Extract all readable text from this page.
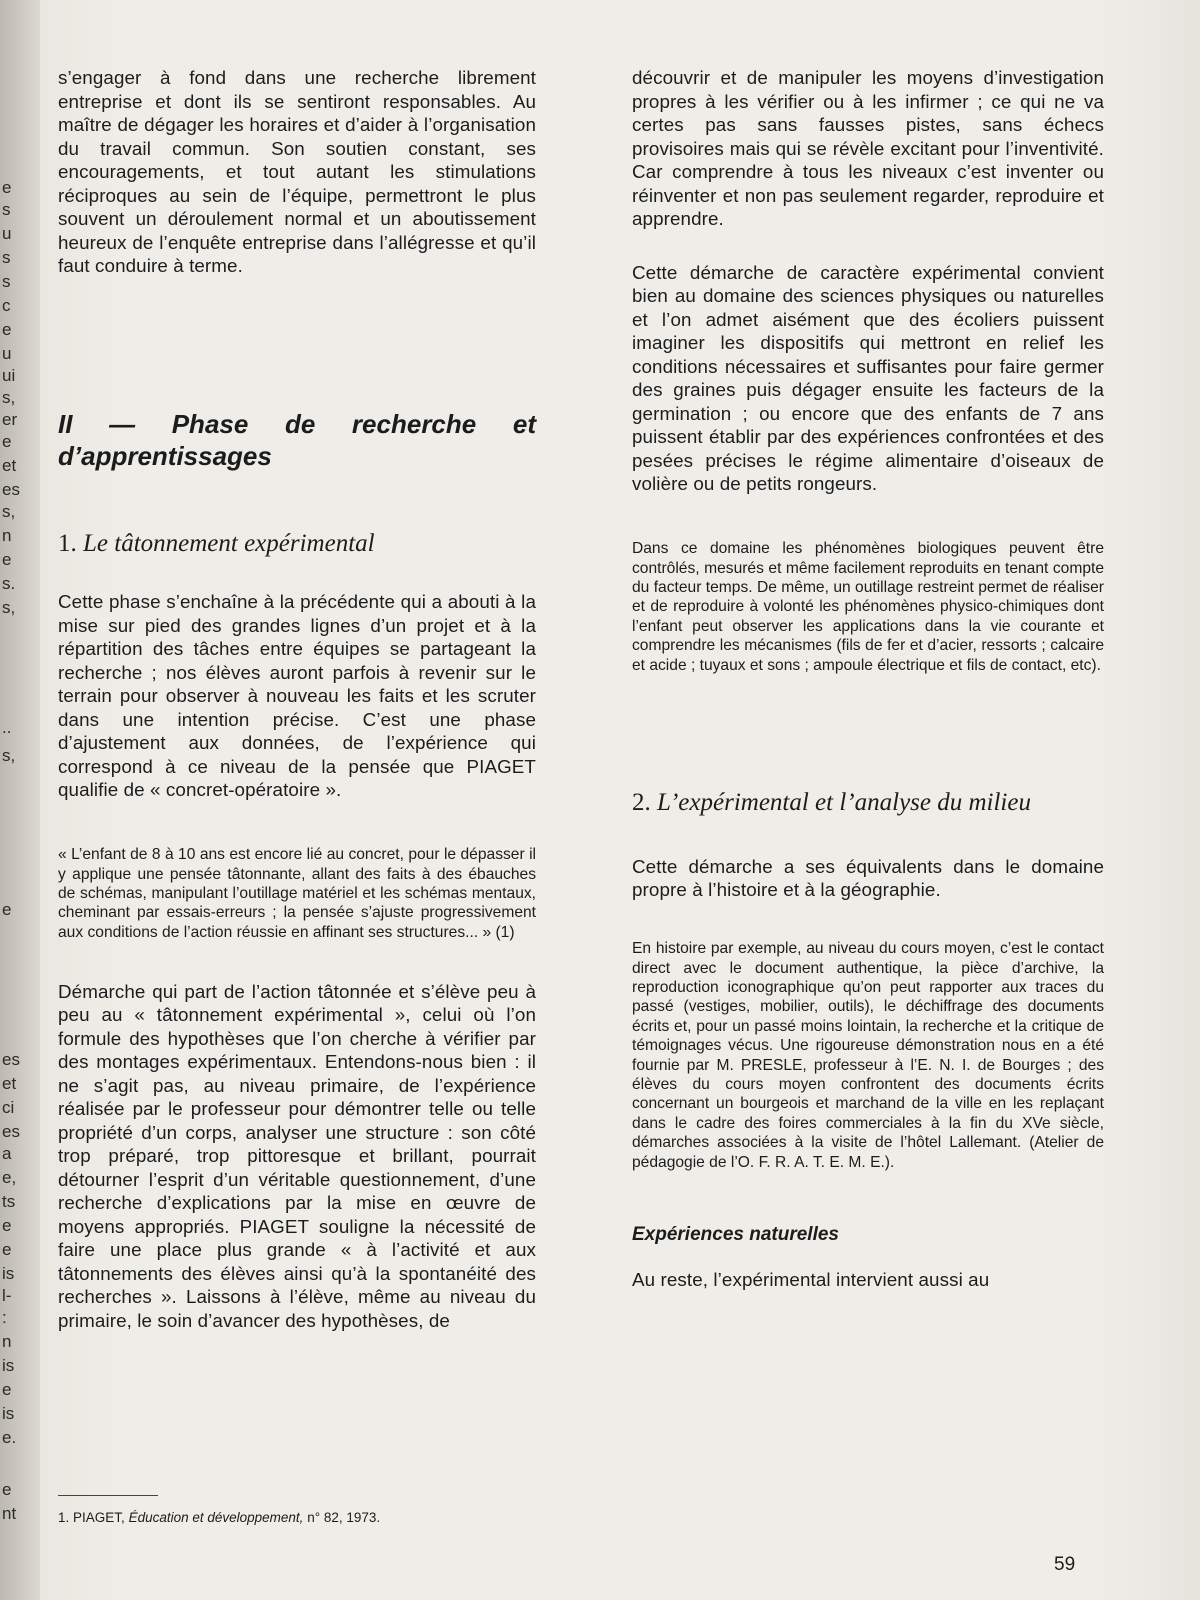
e
s
u
s
s
c
e
u
ui
s,
er
e
et
es
s,
n
e
s.
s,
..
s,
e
es
et
ci
es
a
e,
ts
e
e
is
l-
:
n
is
e
is
e.
e
nt

s’engager à fond dans une recherche librement entreprise et dont ils se sentiront responsables. Au maître de dégager les horaires et d’aider à l’organisation du travail commun. Son soutien constant, ses encouragements, et tout autant les stimulations réciproques au sein de l’équipe, permettront le plus souvent un déroulement normal et un aboutissement heureux de l’enquête entreprise dans l’allégresse et qu’il faut conduire à terme.

II — Phase de recherche et d’apprentissages

1. Le tâtonnement expérimental

Cette phase s’enchaîne à la précédente qui a abouti à la mise sur pied des grandes lignes d’un projet et à la répartition des tâches entre équipes se partageant la recherche ; nos élèves auront parfois à revenir sur le terrain pour observer à nouveau les faits et les scruter dans une intention précise. C’est une phase d’ajustement aux données, de l’expérience qui correspond à ce niveau de la pensée que PIAGET qualifie de « concret-opératoire ».

« L’enfant de 8 à 10 ans est encore lié au concret, pour le dépasser il y applique une pensée tâtonnante, allant des faits à des ébauches de schémas, manipulant l’outillage matériel et les schémas mentaux, cheminant par essais-erreurs ; la pensée s’ajuste progressivement aux conditions de l’action réussie en affinant ses structures... » (1)

Démarche qui part de l’action tâtonnée et s’élève peu à peu au « tâtonnement expérimental », celui où l’on formule des hypothèses que l’on cherche à vérifier par des montages expérimentaux. Entendons-nous bien : il ne s’agit pas, au niveau primaire, de l’expérience réalisée par le professeur pour démontrer telle ou telle propriété d’un corps, analyser une structure : son côté trop préparé, trop pittoresque et brillant, pourrait détourner l’esprit d’un véritable questionnement, d’une recherche d’explications par la mise en œuvre de moyens appropriés. PIAGET souligne la nécessité de faire une place plus grande « à l’activité et aux tâtonnements des élèves ainsi qu’à la spontanéité des recherches ». Laissons à l’élève, même au niveau du primaire, le soin d’avancer des hypothèses, de

découvrir et de manipuler les moyens d’investigation propres à les vérifier ou à les infirmer ; ce qui ne va certes pas sans fausses pistes, sans échecs provisoires mais qui se révèle excitant pour l’inventivité. Car comprendre à tous les niveaux c’est inventer ou réinventer et non pas seulement regarder, reproduire et apprendre.

Cette démarche de caractère expérimental convient bien au domaine des sciences physiques ou naturelles et l’on admet aisément que des écoliers puissent imaginer les dispositifs qui mettront en relief les conditions nécessaires et suffisantes pour faire germer des graines puis dégager ensuite les facteurs de la germination ; ou encore que des enfants de 7 ans puissent établir par des expériences confrontées et des pesées précises le régime alimentaire d’oiseaux de volière ou de petits rongeurs.

Dans ce domaine les phénomènes biologiques peuvent être contrôlés, mesurés et même facilement reproduits en tenant compte du facteur temps. De même, un outillage restreint permet de réaliser et de reproduire à volonté les phénomènes physico-chimiques dont l’enfant peut observer les applications dans la vie courante et comprendre les mécanismes (fils de fer et d’acier, ressorts ; calcaire et acide ; tuyaux et sons ; ampoule électrique et fils de contact, etc).

2. L’expérimental et l’analyse du milieu

Cette démarche a ses équivalents dans le domaine propre à l’histoire et à la géographie.

En histoire par exemple, au niveau du cours moyen, c’est le contact direct avec le document authentique, la pièce d’archive, la reproduction iconographique qu’on peut rapporter aux traces du passé (vestiges, mobilier, outils), le déchiffrage des documents écrits et, pour un passé moins lointain, la recherche et la critique de témoignages vécus. Une rigoureuse démonstration nous en a été fournie par M. PRESLE, professeur à l’E. N. I. de Bourges ; des élèves du cours moyen confrontent des documents écrits concernant un bourgeois et marchand de la ville en les replaçant dans le cadre des foires commerciales à la fin du XVe siècle, démarches associées à la visite de l’hôtel Lallemant. (Atelier de pédagogie de l’O. F. R. A. T. E. M. E.).

Expériences naturelles

Au reste, l’expérimental intervient aussi au

1. PIAGET, Éducation et développement, n° 82, 1973.
59
